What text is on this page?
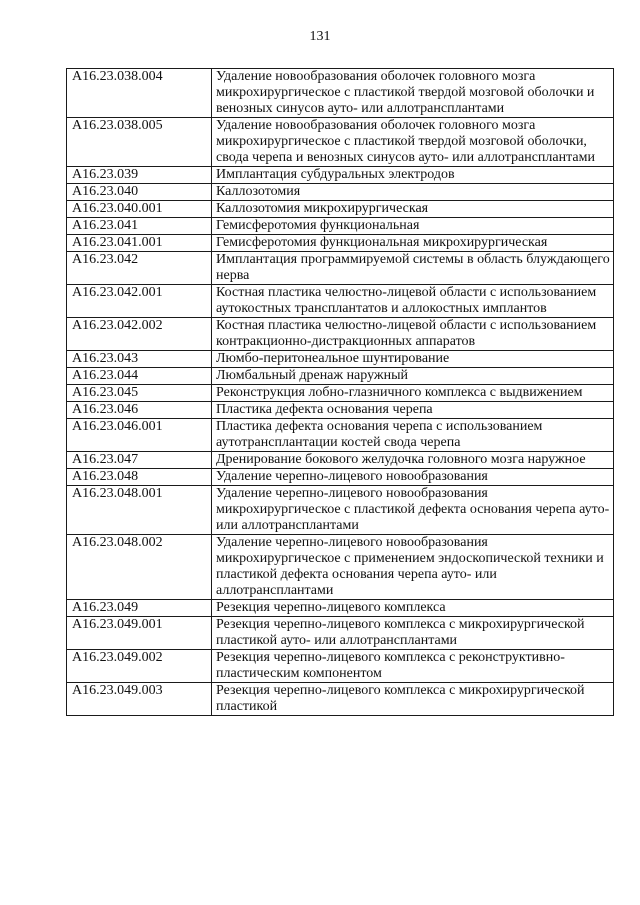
131
A16.23.038.004	Удаление новообразования оболочек головного мозга микрохирургическое с пластикой твердой мозговой оболочки и венозных синусов ауто- или аллотрансплантами
A16.23.038.005	Удаление новообразования оболочек головного мозга микрохирургическое с пластикой твердой мозговой оболочки, свода черепа и венозных синусов ауто- или аллотрансплантами
A16.23.039	Имплантация субдуральных электродов
A16.23.040	Каллозотомия
A16.23.040.001	Каллозотомия микрохирургическая
A16.23.041	Гемисферотомия функциональная
A16.23.041.001	Гемисферотомия функциональная микрохирургическая
A16.23.042	Имплантация программируемой системы в область блуждающего нерва
A16.23.042.001	Костная пластика челюстно-лицевой области с использованием аутокостных трансплантатов и аллокостных имплантов
A16.23.042.002	Костная пластика челюстно-лицевой области с использованием контракционно-дистракционных аппаратов
A16.23.043	Люмбо-перитонеальное шунтирование
A16.23.044	Люмбальный дренаж наружный
A16.23.045	Реконструкция лобно-глазничного комплекса с выдвижением
A16.23.046	Пластика дефекта основания черепа
A16.23.046.001	Пластика дефекта основания черепа с использованием аутотрансплантации костей свода черепа
A16.23.047	Дренирование бокового желудочка головного мозга наружное
A16.23.048	Удаление черепно-лицевого новообразования
A16.23.048.001	Удаление черепно-лицевого новообразования микрохирургическое с пластикой дефекта основания черепа ауто- или аллотрансплантами
A16.23.048.002	Удаление черепно-лицевого новообразования микрохирургическое с применением эндоскопической техники и пластикой дефекта основания черепа ауто- или аллотрансплантами
A16.23.049	Резекция черепно-лицевого комплекса
A16.23.049.001	Резекция черепно-лицевого комплекса с микрохирургической пластикой ауто- или аллотрансплантами
A16.23.049.002	Резекция черепно-лицевого комплекса с реконструктивно-пластическим компонентом
A16.23.049.003	Резекция черепно-лицевого комплекса с микрохирургической пластикой
